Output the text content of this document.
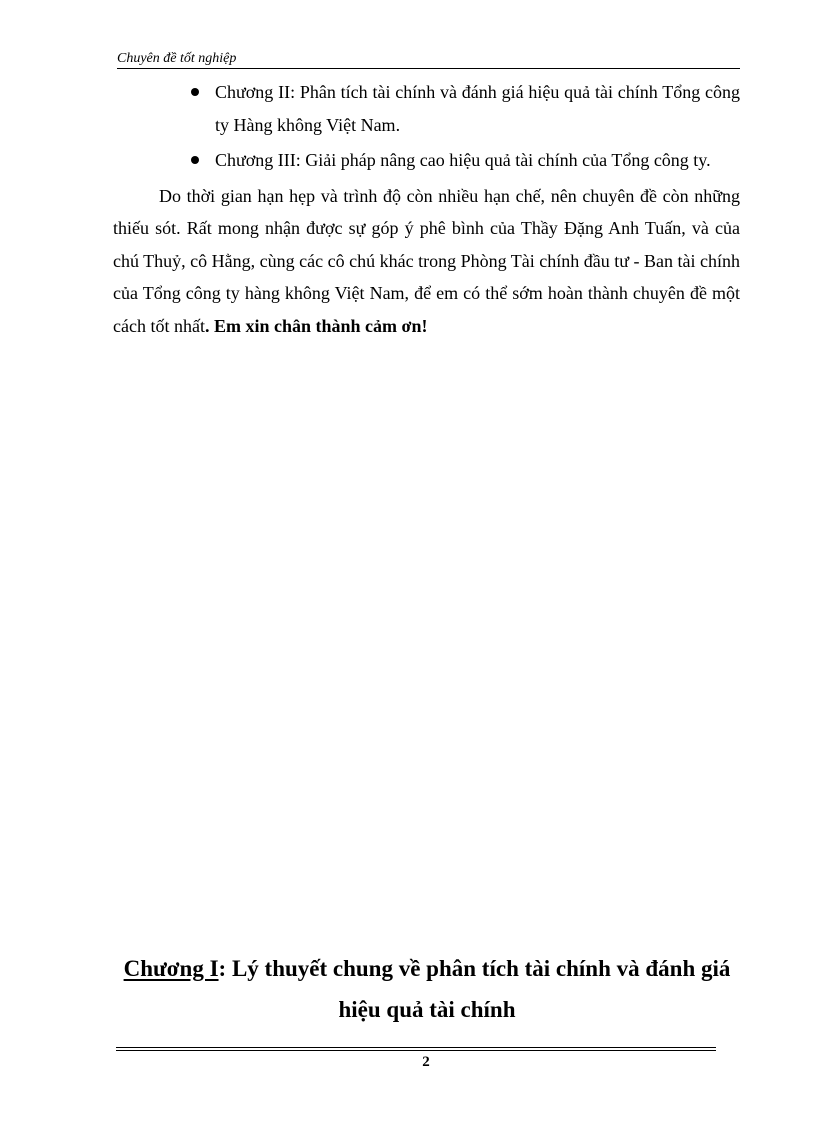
Chuyên đề tốt nghiệp
Chương II: Phân tích tài chính và đánh giá hiệu quả tài chính Tổng công ty Hàng không Việt Nam.
Chương III: Giải pháp nâng cao hiệu quả tài chính của Tổng công ty.
Do thời gian hạn hẹp và trình độ còn nhiều hạn chế, nên chuyên đề còn những thiếu sót. Rất mong nhận được sự góp ý phê bình của Thầy Đặng Anh Tuấn, và của chú Thuỷ, cô Hằng, cùng các cô chú khác trong Phòng Tài chính đầu tư - Ban tài chính của Tổng công ty hàng không Việt Nam, để em có thể sớm hoàn thành chuyên đề một cách tốt nhất. Em xin chân thành cảm ơn!
Chương I: Lý thuyết chung về phân tích tài chính và đánh giá hiệu quả tài chính
2
